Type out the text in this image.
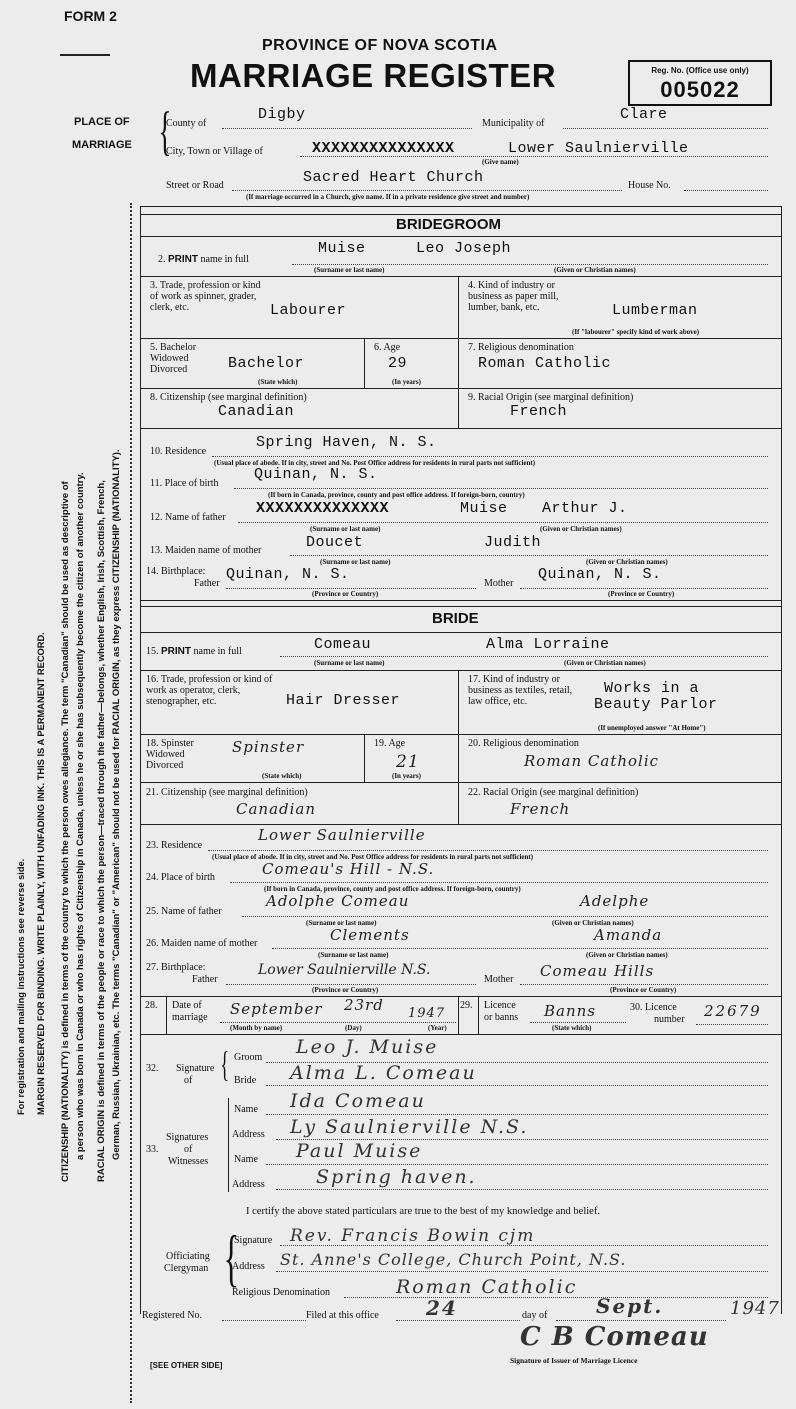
FORM 2
PROVINCE OF NOVA SCOTIA
MARRIAGE REGISTER	Reg. No. (Office use only)
005022
PLACE OF
MARRIAGE {
County of
Digby
Municipality of
Clare
City, Town or Village of	XXXXXXXXXXXXXXX	Lower Saulnierville
(Give name)
Street or Road	Sacred Heart Church	House No.
(If marriage occurred in a Church, give name. If in a private residence give street and number)
For registration and mailing instructions see reverse side. MARGIN RESERVED FOR BINDING. WRITE PLAINLY, WITH UNFADING INK. THIS IS A PERMANENT RECORD. CITIZENSHIP (NATIONALITY) is defined in terms of the country to which the person owes allegiance. The term "Canadian" should be used as descriptive of a person who was born in Canada or who has rights of Citizenship in Canada, unless he or she has subsequently become the citizen of another country. RACIAL ORIGIN is defined in terms of the people or race to which the person—traced through the father—belongs, whether English, Irish, Scottish, French, German, Russian, Ukrainian, etc. The terms "Canadian" or "American" should not be used for RACIAL ORIGIN, as they express CITIZENSHIP (NATIONALITY).
BRIDEGROOM
2. PRINT name in full
Muise	Leo Joseph
(Surname or last name)	(Given or Christian names)
3. Trade, profession or kind of work as spinner, grader, clerk, etc.	Labourer
4. Kind of industry or business as paper mill, lumber, bank, etc.	Lumberman
(If "labourer" specify kind of work above)
5. Bachelor Widowed Divorced	Bachelor
(State which)
6. Age
29
(In years)
7. Religious denomination
Roman Catholic
8. Citizenship (see marginal definition)
Canadian
9. Racial Origin (see marginal definition)
French
10. Residence
Spring Haven, N. S.
(Usual place of abode. If in city, street and No. Post Office address for residents in rural parts not sufficient)
11. Place of birth
Quinan, N. S.
(If born in Canada, province, county and post office address. If foreign-born, country)
12. Name of father
XXXXXXXXXXXXXX	Muise Arthur J.
(Surname or last name)	(Given or Christian names)
13. Maiden name of mother	Doucet	Judith
(Surname or last name)	(Given or Christian names)
14. Birthplace:
Father
Quinan, N. S.
Mother
Quinan, N. S.
(Province or Country)	(Province or Country)
BRIDE
15. PRINT name in full	Comeau	Alma Lorraine
(Surname or last name)	(Given or Christian names)
16. Trade, profession or kind of work as operator, clerk, stenographer, etc.	Hair Dresser
17. Kind of industry or business as textiles, retail, law office, etc.
Works in a
Beauty Parlor
(If unemployed answer "At Home")
18. Spinster Widowed Divorced
Spinster
(State which)
19. Age
21
(In years)
20. Religious denomination
Roman Catholic
21. Citizenship (see marginal definition)
Canadian
22. Racial Origin (see marginal definition)
French
23. Residence
Lower Saulnierville
(Usual place of abode. If in city, street and No. Post Office address for residents in rural parts not sufficient)
24. Place of birth	Comeau's Hill - N.S.
(If born in Canada, province, county and post office address. If foreign-born, country)
25. Name of father
Adolphe Comeau	Adelphe
(Surname or last name)	(Given or Christian names)
26. Maiden name of mother	Clements	Amanda
(Surname or last name)	(Given or Christian names)
27. Birthplace:
Father
Lower Saulnierville N.S.
Mother Comeau Hills
(Province or Country)	(Province or Country)
28. Date of
marriage September 23rd 1947
(Month by name)	(Day)	(Year)
29. Licence
or banns Banns
(State which)
30. Licence
number 22679
32. Signature
of { Groom Leo J. Muise
Bride Alma L. Comeau
33.
Signatures
of
Witnesses
Name Ida Comeau
Address Ly Saulnierville N.S.
Name Paul Muise
Address	Spring haven.
I certify the above stated particulars are true to the best of my knowledge and belief.
Officiating
Clergyman {
Signature Rev. Francis Bowin cjm
Address St. Anne's College, Church Point, N.S.
Religious Denomination	Roman Catholic
Registered No.	Filed at this office 24	day of Sept.	1947
C B Comeau
Signature of Issuer of Marriage Licence
[SEE OTHER SIDE]
